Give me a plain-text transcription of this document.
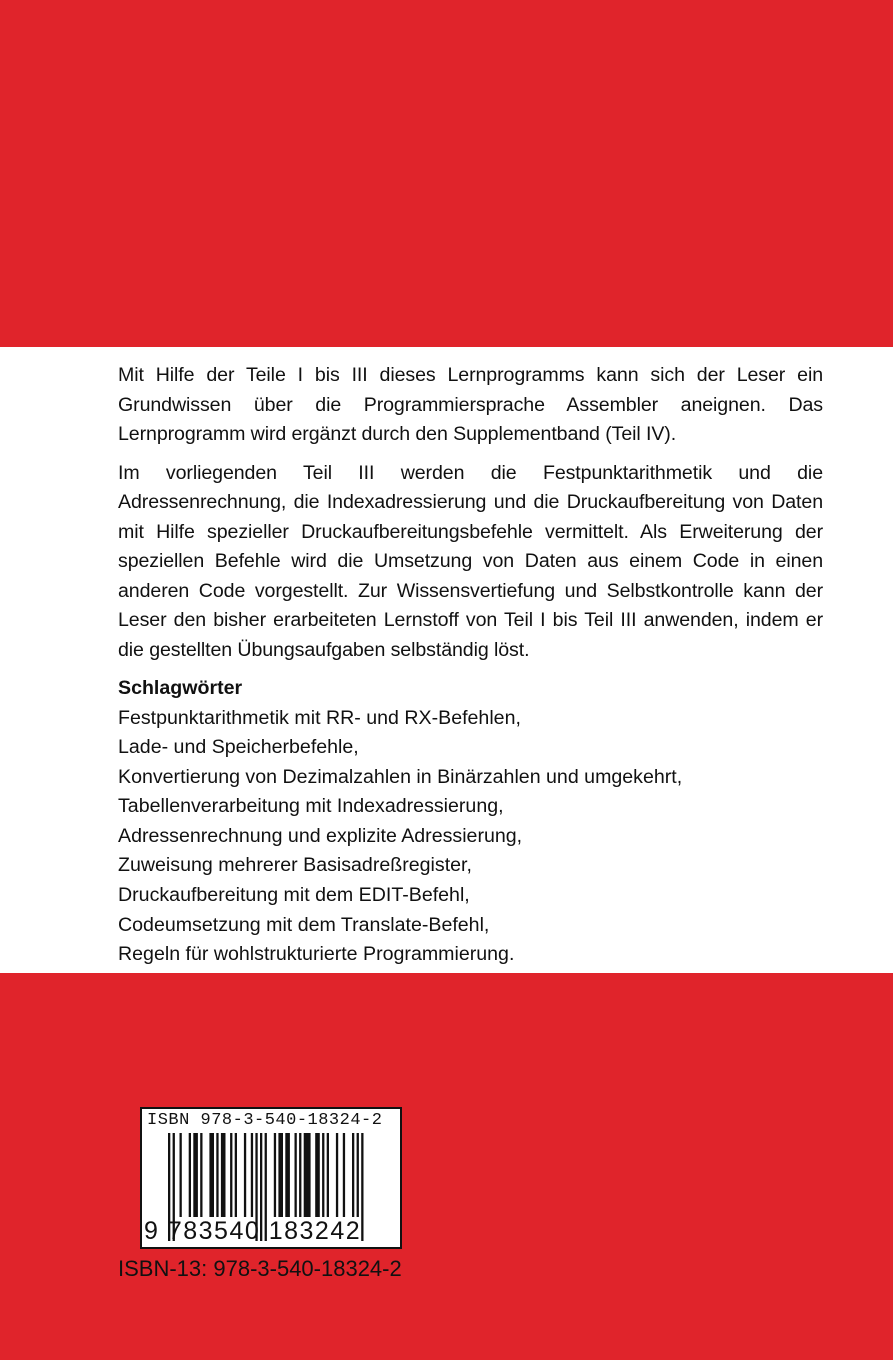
Mit Hilfe der Teile I bis III dieses Lernprogramms kann sich der Leser ein Grundwissen über die Programmiersprache Assembler aneignen. Das Lernprogramm wird ergänzt durch den Supplementband (Teil IV).

Im vorliegenden Teil III werden die Festpunktarithmetik und die Adressenrechnung, die Indexadressierung und die Druckaufbereitung von Daten mit Hilfe spezieller Druckaufbereitungsbefehle vermittelt. Als Erweiterung der speziellen Befehle wird die Umsetzung von Daten aus einem Code in einen anderen Code vorgestellt. Zur Wissensvertiefung und Selbstkontrolle kann der Leser den bisher erarbeiteten Lernstoff von Teil I bis Teil III anwenden, indem er die gestellten Übungsaufgaben selbständig löst.

Schlagwörter

Festpunktarithmetik mit RR- und RX-Befehlen,
Lade- und Speicherbefehle,
Konvertierung von Dezimalzahlen in Binärzahlen und umgekehrt,
Tabellenverarbeitung mit Indexadressierung,
Adressenrechnung und explizite Adressierung,
Zuweisung mehrerer Basisadreßregister,
Druckaufbereitung mit dem EDIT-Befehl,
Codeumsetzung mit dem Translate-Befehl,
Regeln für wohlstrukturierte Programmierung.
ISBN 978-3-540-18324-2
9 783540 183242
ISBN-13: 978-3-540-18324-2
